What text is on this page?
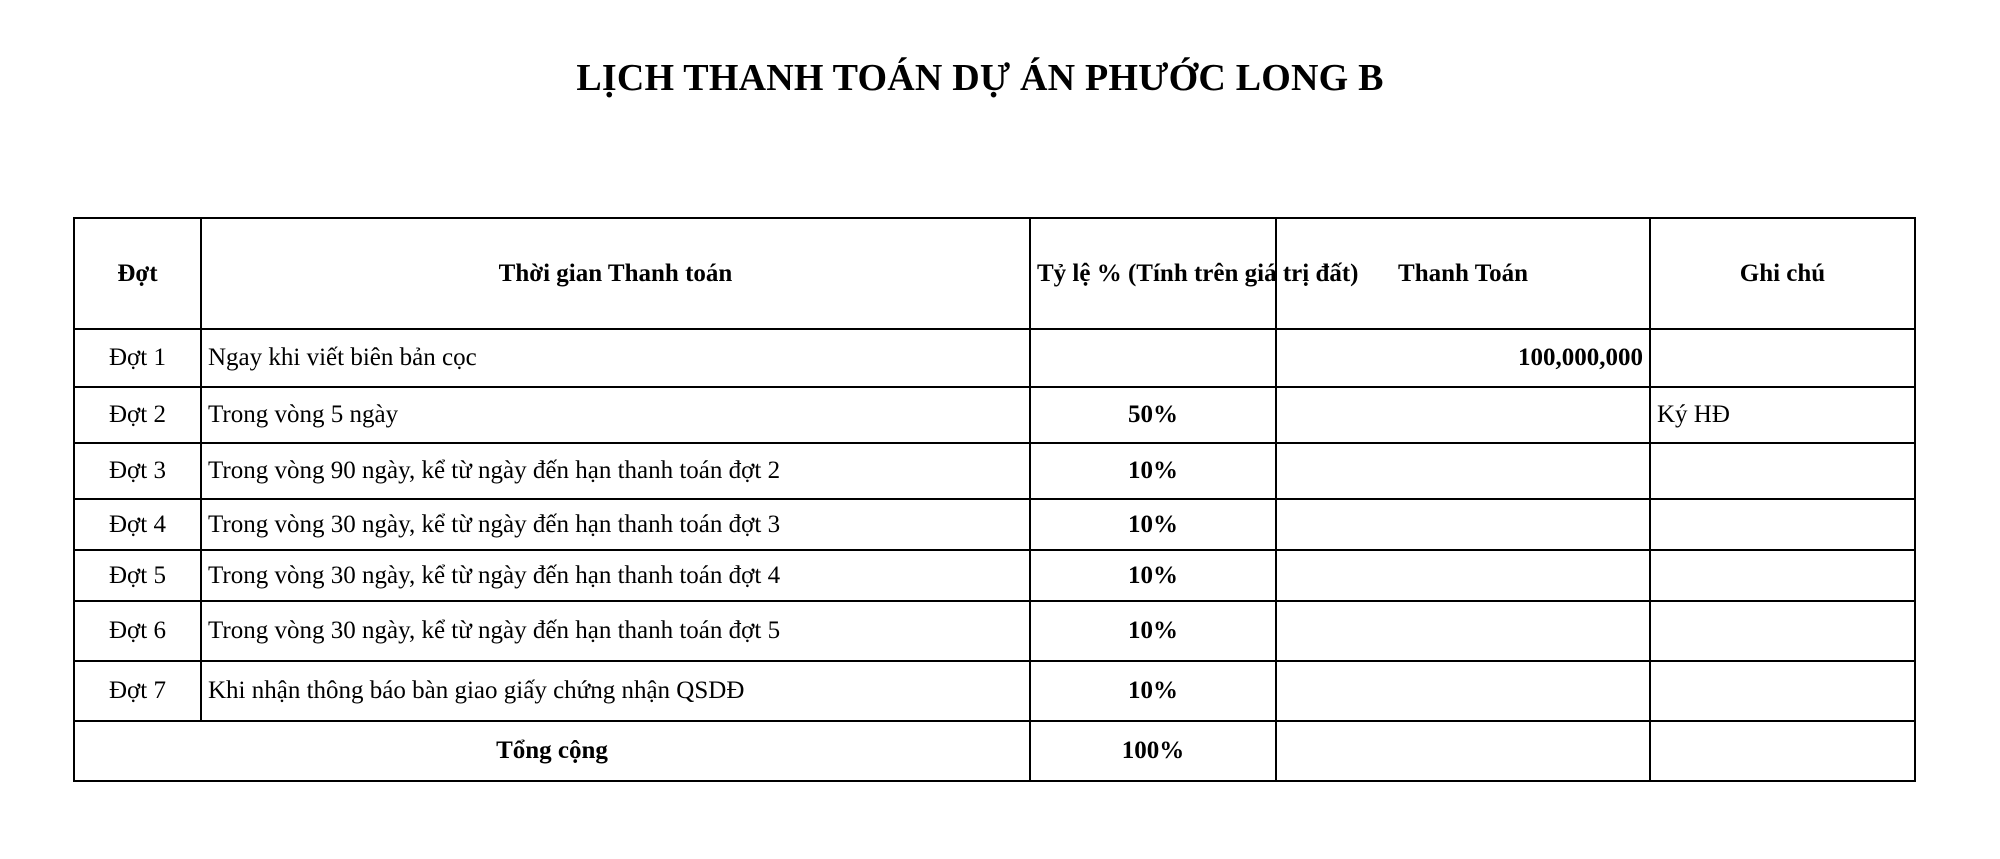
LỊCH THANH TOÁN DỰ ÁN PHƯỚC LONG B
Đợt	Thời gian Thanh toán	Tỷ lệ % (Tính trên giá trị đất)	Thanh Toán	Ghi chú
Đợt 1	Ngay khi viết biên bản cọc		100,000,000	
Đợt 2	Trong vòng 5 ngày	50%		Ký HĐ
Đợt 3	Trong vòng 90 ngày, kể từ ngày đến hạn thanh toán đợt 2	10%		
Đợt 4	Trong vòng 30 ngày, kể từ ngày đến hạn thanh toán đợt 3	10%		
Đợt 5	Trong vòng 30 ngày, kể từ ngày đến hạn thanh toán đợt 4	10%		
Đợt 6	Trong vòng 30 ngày, kể từ ngày đến hạn thanh toán đợt 5	10%		
Đợt 7	Khi nhận thông báo bàn giao giấy chứng nhận QSDĐ	10%		
Tổng cộng		100%		
